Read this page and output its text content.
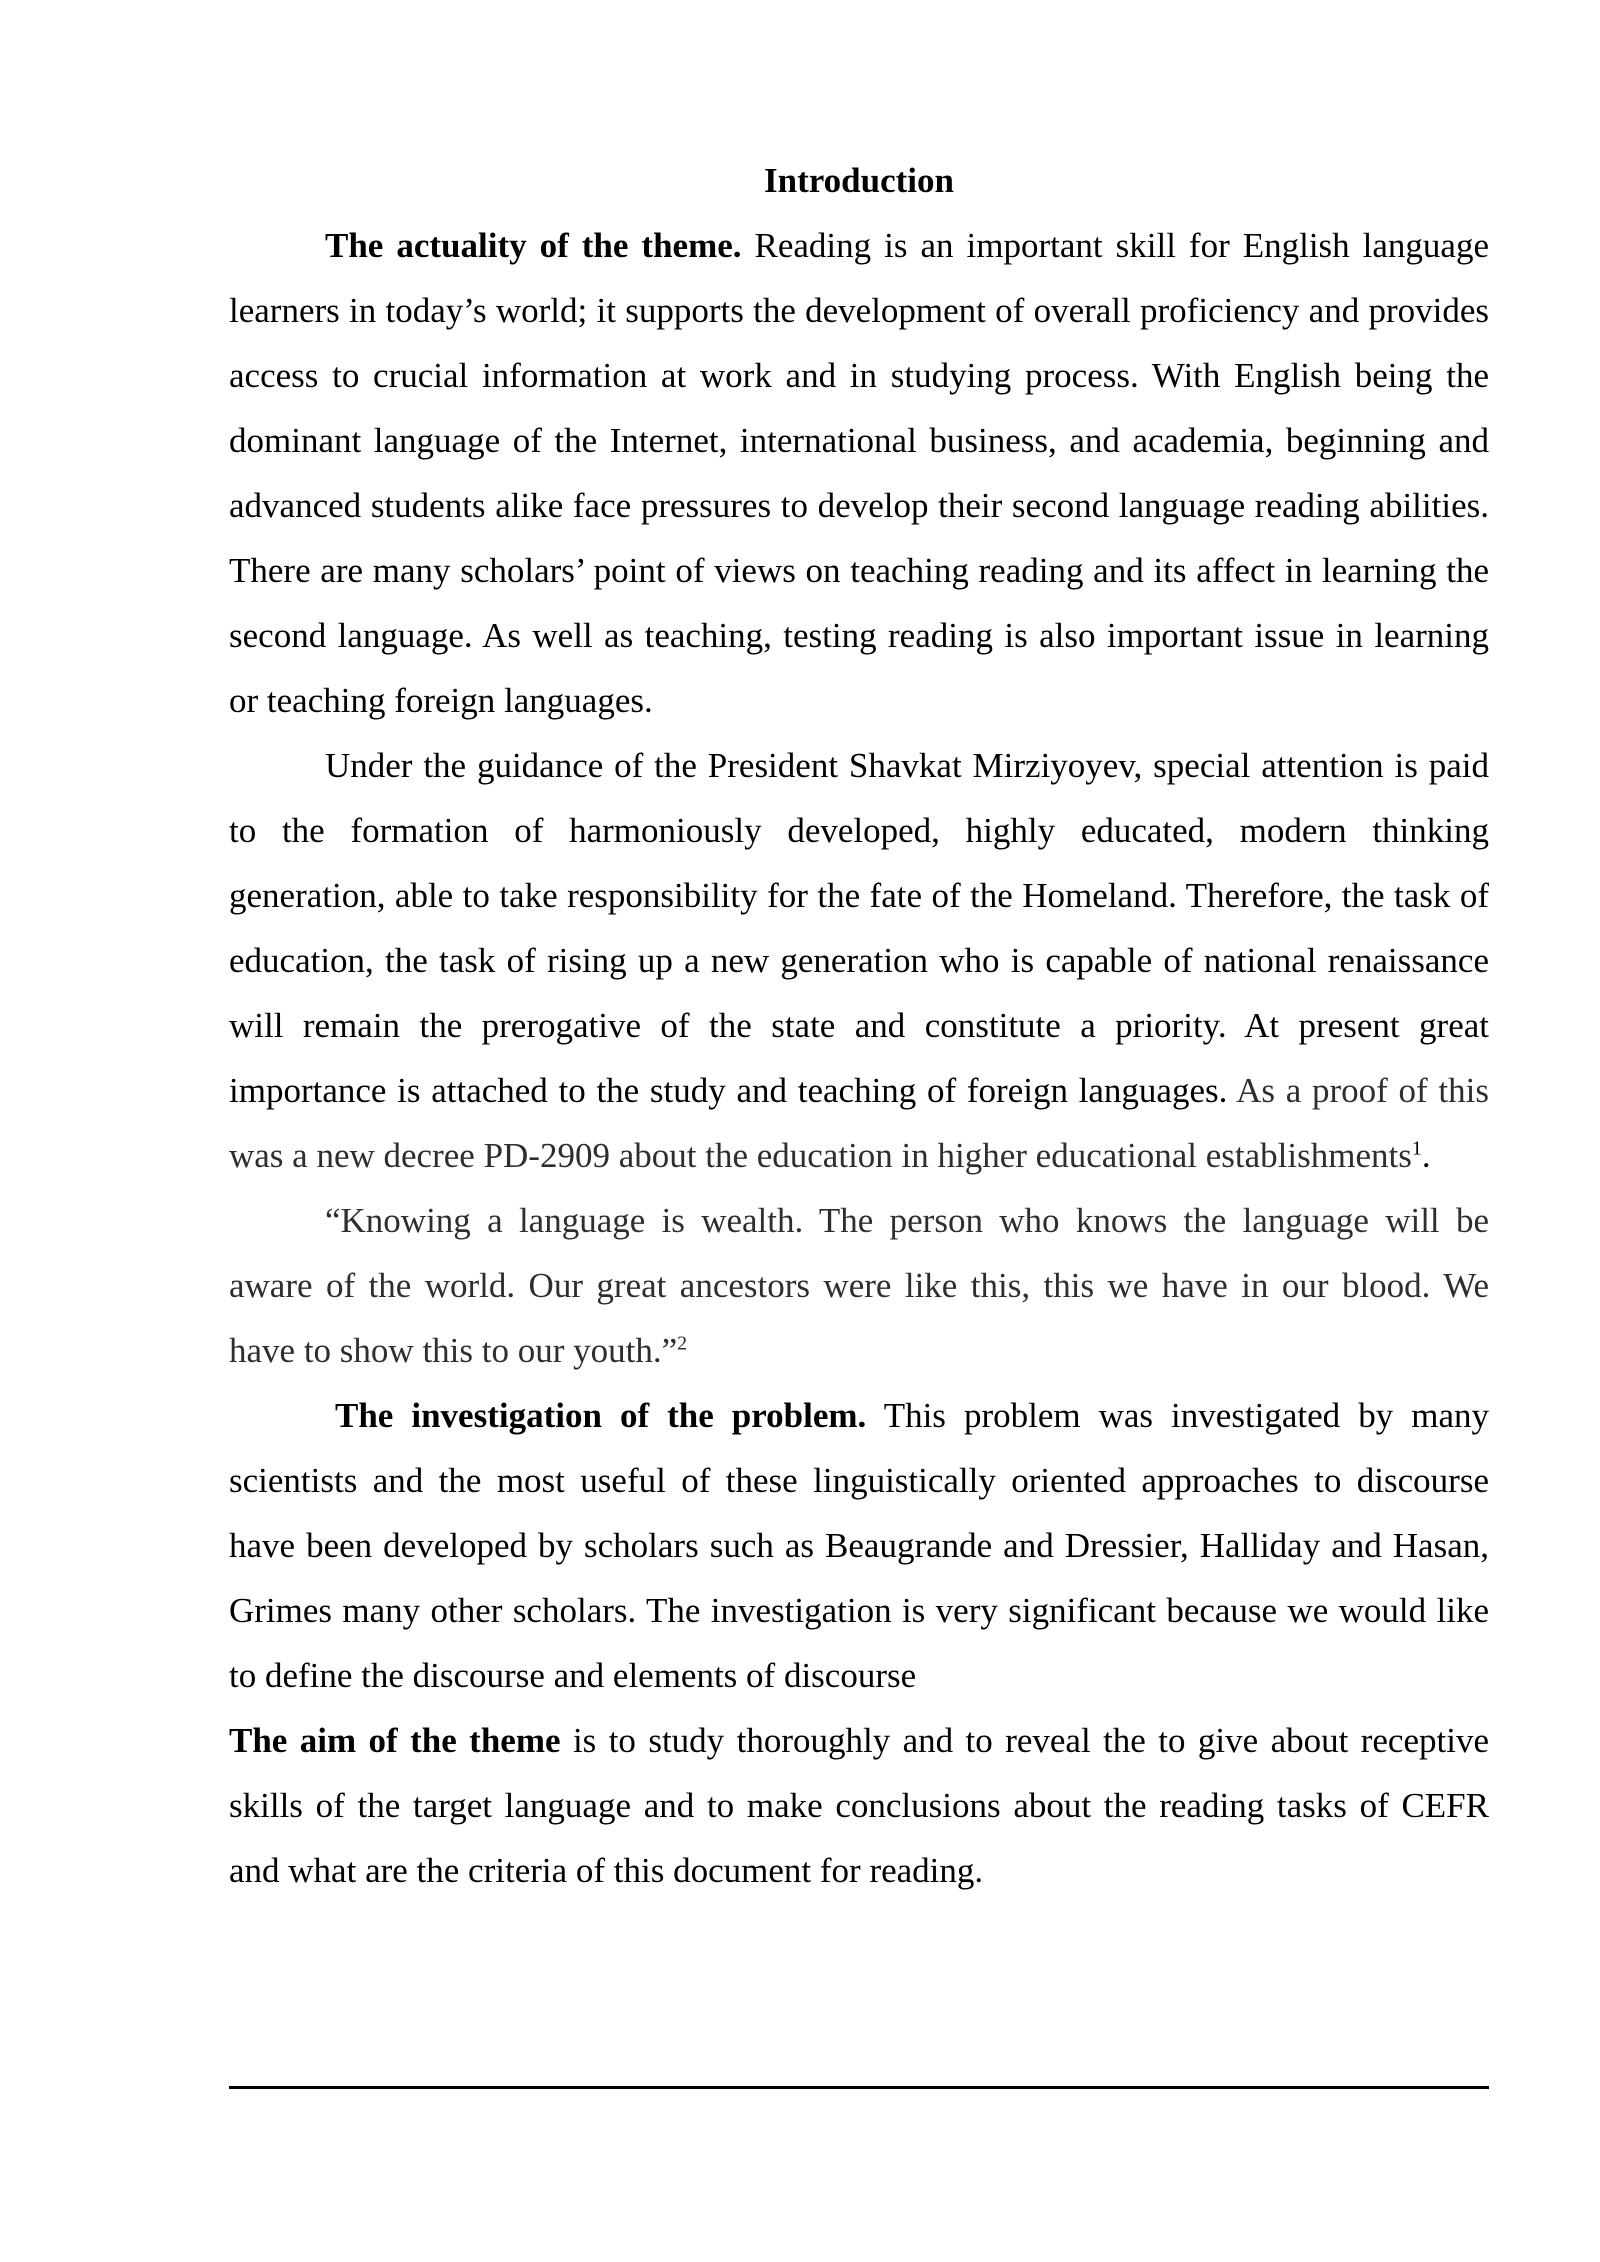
Introduction

The actuality of the theme. Reading is an important skill for English language learners in today’s world; it supports the development of overall proficiency and provides access to crucial information at work and in studying process. With English being the dominant language of the Internet, international business, and academia, beginning and advanced students alike face pressures to develop their second language reading abilities. There are many scholars’ point of views on teaching reading and its affect in learning the second language. As well as teaching, testing reading is also important issue in learning or teaching foreign languages.

Under the guidance of the President Shavkat Mirziyoyev, special attention is paid to the formation of harmoniously developed, highly educated, modern thinking generation, able to take responsibility for the fate of the Homeland. Therefore, the task of education, the task of rising up a new generation who is capable of national renaissance will remain the prerogative of the state and constitute a priority. At present great importance is attached to the study and teaching of foreign languages. As a proof of this was a new decree PD-2909 about the education in higher educational establishments$^1$.

“Knowing a language is wealth. The person who knows the language will be aware of the world. Our great ancestors were like this, this we have in our blood. We have to show this to our youth.”$^2$

The investigation of the problem. This problem was investigated by many scientists and the most useful of these linguistically oriented approaches to discourse have been developed by scholars such as Beaugrande and Dressier, Halliday and Hasan, Grimes many other scholars. The investigation is very significant because we would like to define the discourse and elements of discourse

The aim of the theme is to study thoroughly and to reveal the to give about receptive skills of the target language and to make conclusions about the reading tasks of CEFR and what are the criteria of this document for reading.
